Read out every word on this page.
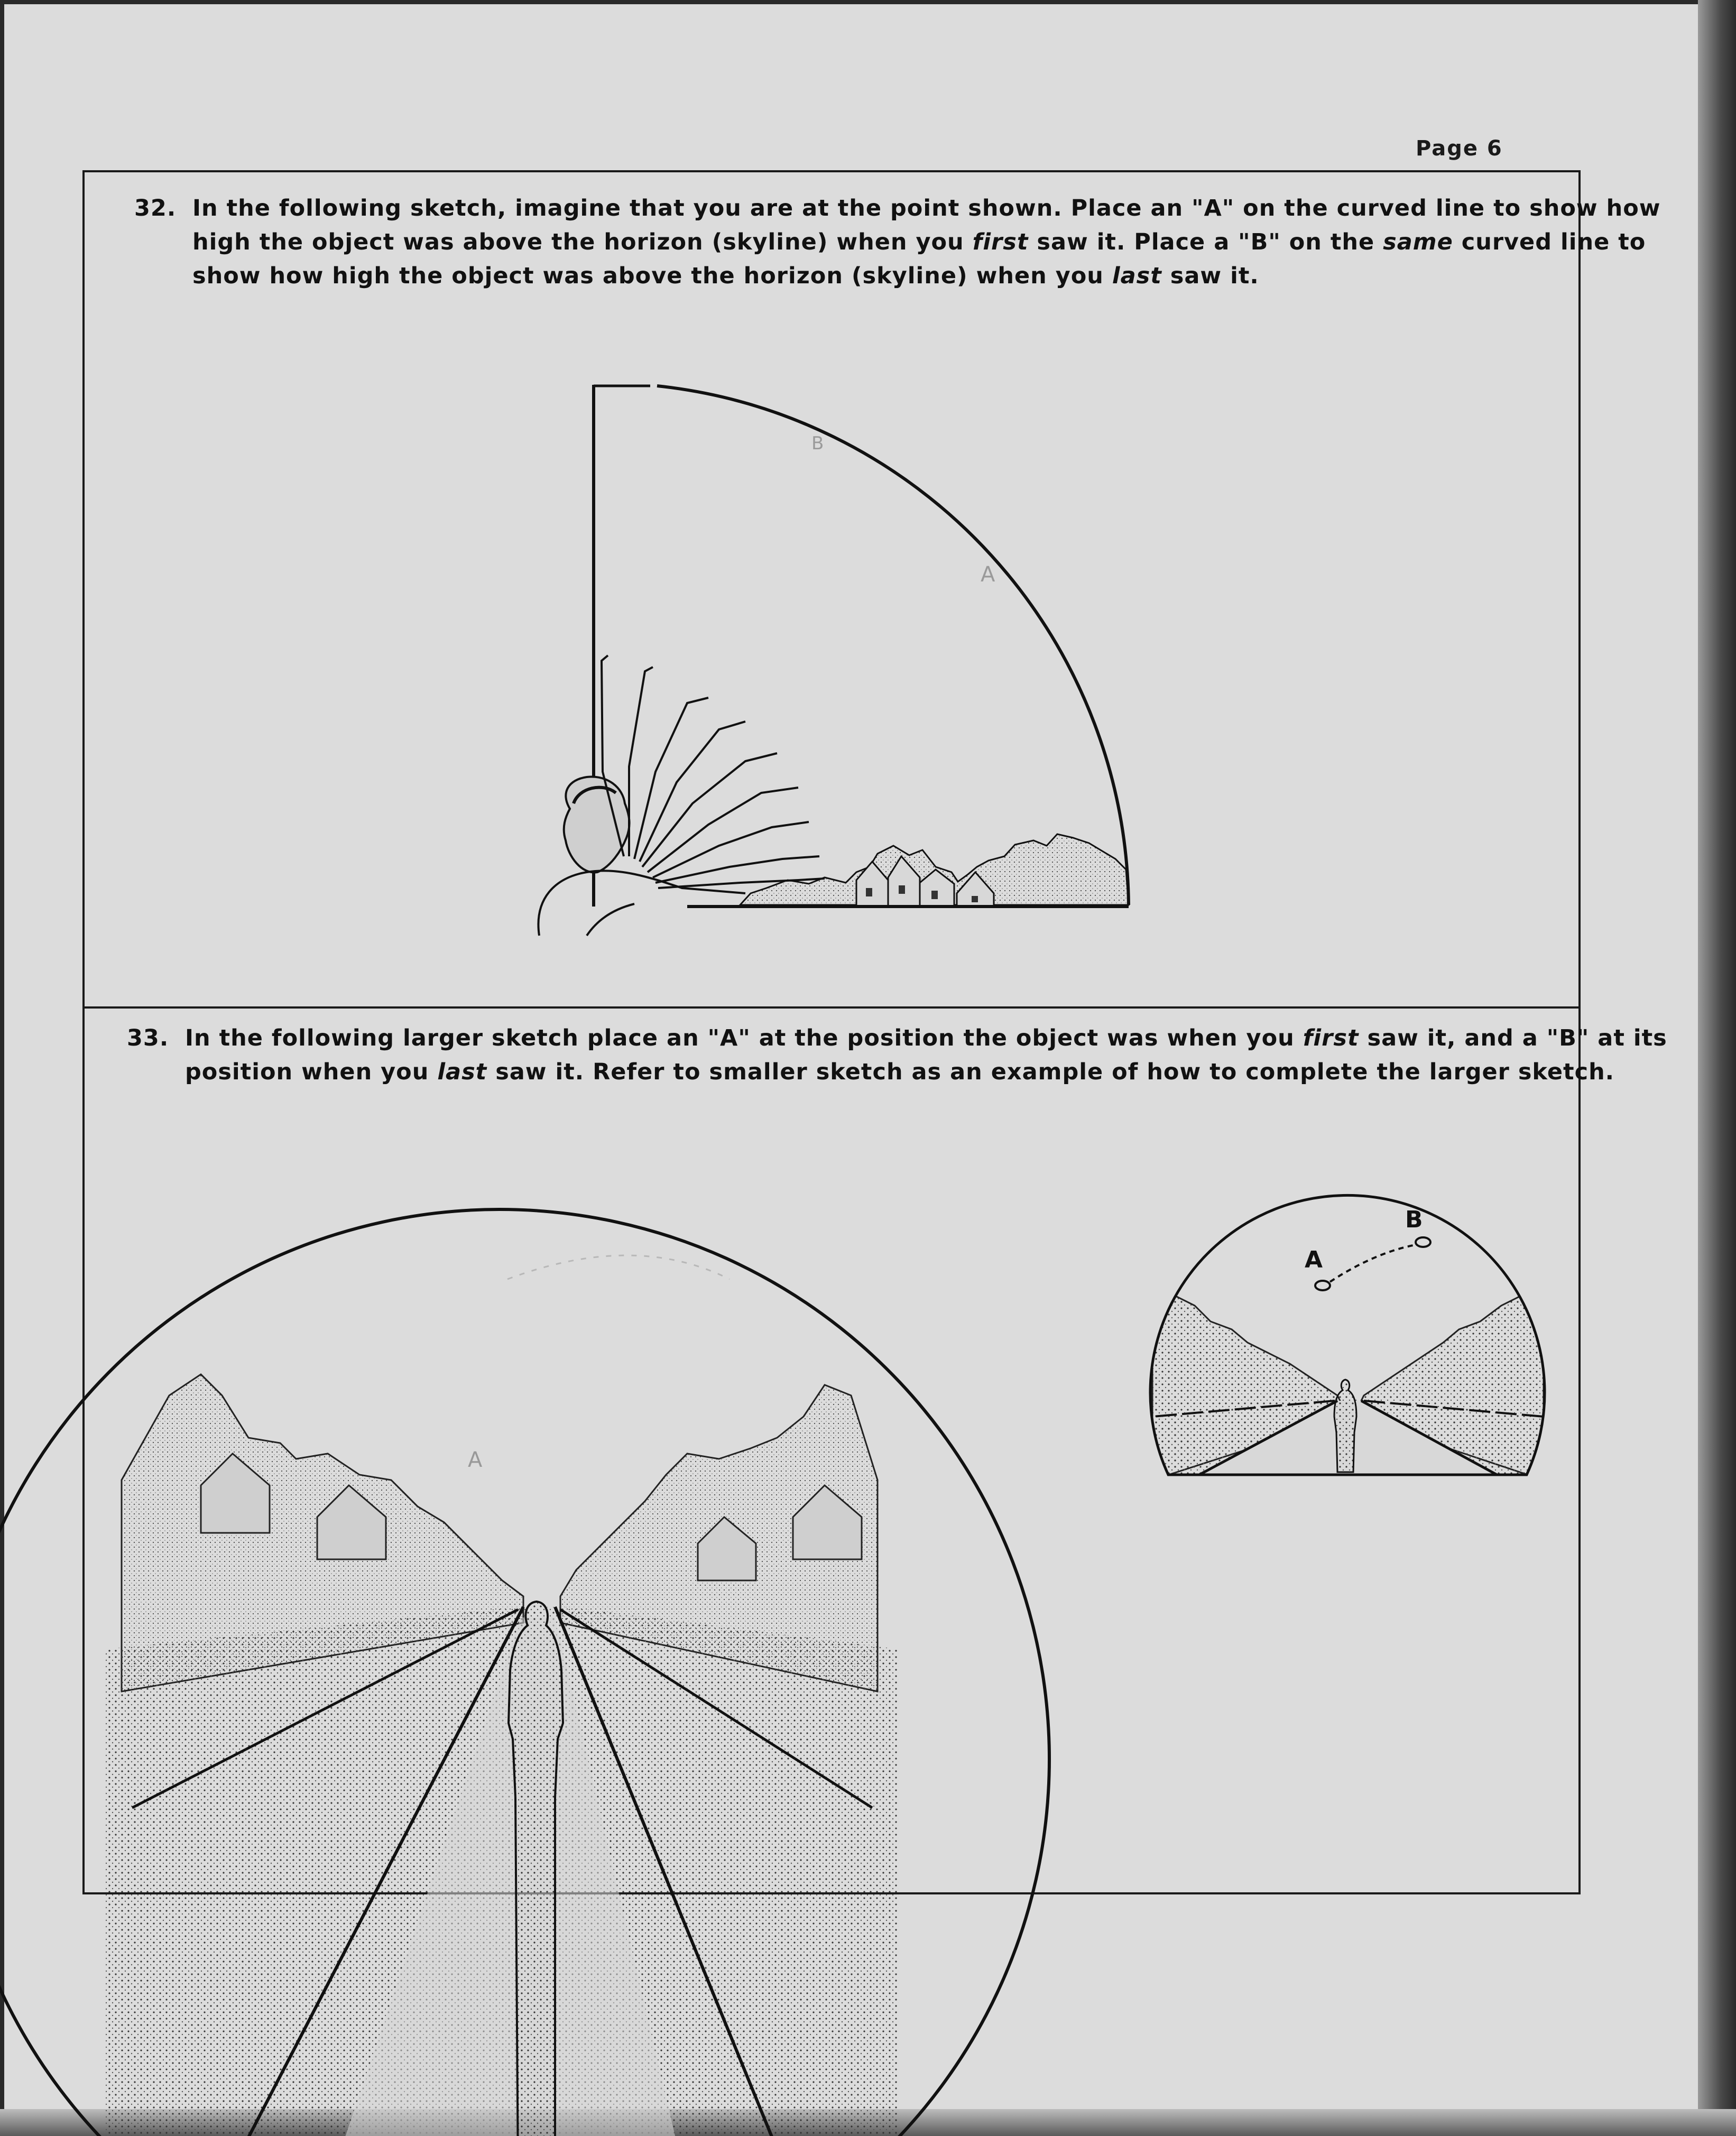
Page 6
32. In the following sketch, imagine that you are at the point shown. Place an "A" on the curved line to show how
high the object was above the horizon (skyline) when you first saw it. Place a "B" on the same curved line to
show how high the object was above the horizon (skyline) when you last saw it.
33. In the following larger sketch place an "A" at the position the object was when you first saw it, and a "B" at its
position when you last saw it. Refer to smaller sketch as an example of how to complete the larger sketch.
B
A
A
A
B
